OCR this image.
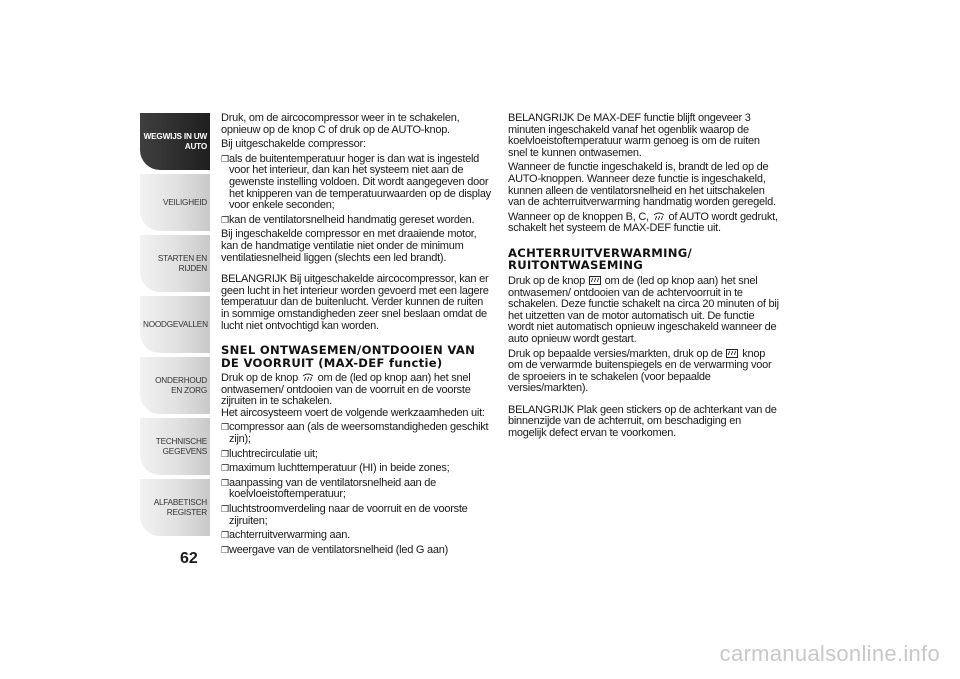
WEGWIJS IN UW AUTO
VEILIGHEID
STARTEN EN RIJDEN
NOODGEVALLEN
ONDERHOUD EN ZORG
TECHNISCHE GEGEVENS
ALFABETISCH REGISTER
62

Druk, om de aircocompressor weer in te schakelen, opnieuw op de knop C of druk op de AUTO-knop.

Bij uitgeschakelde compressor:

❒ als de buitentemperatuur hoger is dan wat is ingesteld voor het interieur, dan kan het systeem niet aan de gewenste instelling voldoen. Dit wordt aangegeven door het knipperen van de temperatuurwaarden op de display voor enkele seconden;
❒ kan de ventilatorsnelheid handmatig gereset worden.

Bij ingeschakelde compressor en met draaiende motor, kan de handmatige ventilatie niet onder de minimum ventilatiesnelheid liggen (slechts een led brandt).

BELANGRIJK Bij uitgeschakelde aircocompressor, kan er geen lucht in het interieur worden gevoerd met een lagere temperatuur dan de buitenlucht. Verder kunnen de ruiten in sommige omstandigheden zeer snel beslaan omdat de lucht niet ontvochtigd kan worden.

SNEL ONTWASEMEN/ONTDOOIEN VAN DE VOORRUIT (MAX-DEF functie)

Druk op de knop om de (led op knop aan) het snel ontwasemen/ ontdooien van de voorruit en de voorste zijruiten in te schakelen.
Het aircosysteem voert de volgende werkzaamheden uit:

❒ compressor aan (als de weersomstandigheden geschikt zijn);
❒ luchtrecirculatie uit;
❒ maximum luchttemperatuur (HI) in beide zones;
❒ aanpassing van de ventilatorsnelheid aan de koelvloeistoftemperatuur;
❒ luchtstroomverdeling naar de voorruit en de voorste zijruiten;
❒ achterruitverwarming aan.
❒ weergave van de ventilatorsnelheid (led G aan)

BELANGRIJK De MAX-DEF functie blijft ongeveer 3 minuten ingeschakeld vanaf het ogenblik waarop de koelvloeistoftemperatuur warm genoeg is om de ruiten snel te kunnen ontwasemen.

Wanneer de functie ingeschakeld is, brandt de led op de AUTO-knoppen. Wanneer deze functie is ingeschakeld, kunnen alleen de ventilatorsnelheid en het uitschakelen van de achterruitverwarming handmatig worden geregeld.

Wanneer op de knoppen B, C, of AUTO wordt gedrukt, schakelt het systeem de MAX-DEF functie uit.

ACHTERRUITVERWARMING/ RUITONTWASEMING

Druk op de knop om de (led op knop aan) het snel ontwasemen/ ontdooien van de achtervoorruit in te schakelen. Deze functie schakelt na circa 20 minuten of bij het uitzetten van de motor automatisch uit. De functie wordt niet automatisch opnieuw ingeschakeld wanneer de auto opnieuw wordt gestart.

Druk op bepaalde versies/markten, druk op de knop om de verwarmde buitenspiegels en de verwarming voor de sproeiers in te schakelen (voor bepaalde versies/markten).

BELANGRIJK Plak geen stickers op de achterkant van de binnenzijde van de achterruit, om beschadiging en mogelijk defect ervan te voorkomen.

carmanualsonline.info
